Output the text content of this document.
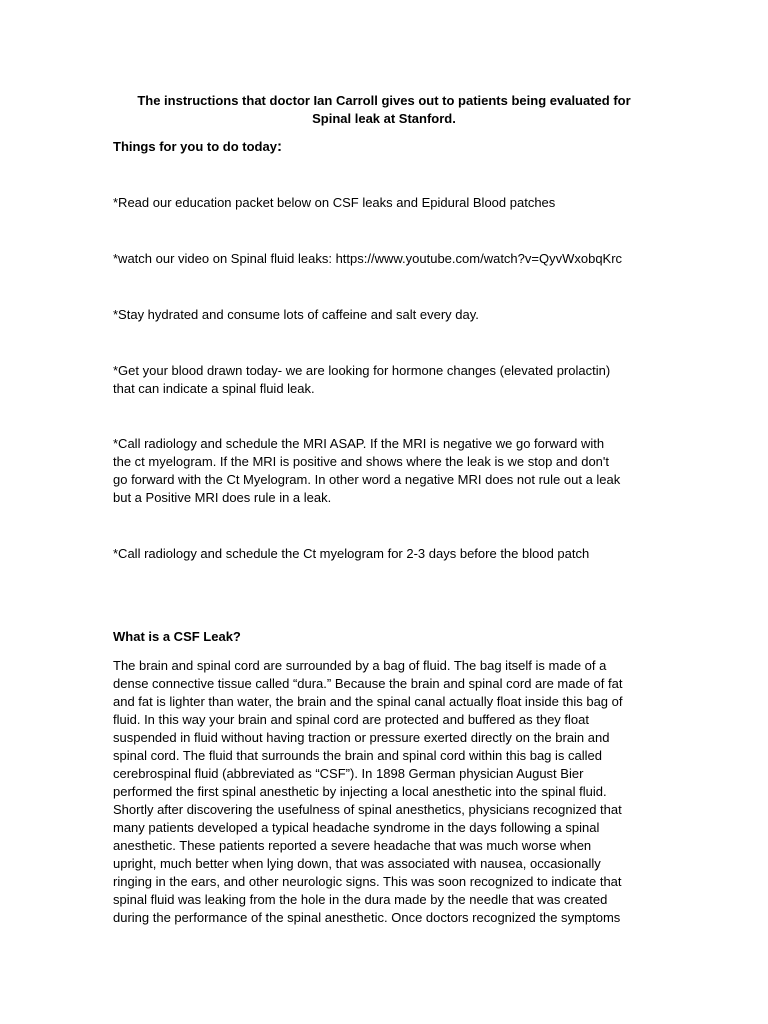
The instructions that doctor Ian Carroll gives out to patients being evaluated for
Spinal leak at Stanford.
Things for you to do today:
*Read our education packet below on CSF leaks and Epidural Blood patches
*watch our video on Spinal fluid leaks: https://www.youtube.com/watch?v=QyvWxobqKrc
*Stay hydrated and consume lots of caffeine and salt every day.
*Get your blood drawn today- we are looking for hormone changes (elevated prolactin)
that can indicate a spinal fluid leak.
*Call radiology and schedule the MRI ASAP. If the MRI is negative we go forward with
the ct myelogram. If the MRI is positive and shows where the leak is we stop and don't
go forward with the Ct Myelogram. In other word a negative MRI does not rule out a leak
but a Positive MRI does rule in a leak.
*Call radiology and schedule the Ct myelogram for 2-3 days before the blood patch
What is a CSF Leak?
The brain and spinal cord are surrounded by a bag of fluid. The bag itself is made of a
dense connective tissue called “dura.” Because the brain and spinal cord are made of fat
and fat is lighter than water, the brain and the spinal canal actually float inside this bag of
fluid. In this way your brain and spinal cord are protected and buffered as they float
suspended in fluid without having traction or pressure exerted directly on the brain and
spinal cord. The fluid that surrounds the brain and spinal cord within this bag is called
cerebrospinal fluid (abbreviated as “CSF”). In 1898 German physician August Bier
performed the first spinal anesthetic by injecting a local anesthetic into the spinal fluid.
Shortly after discovering the usefulness of spinal anesthetics, physicians recognized that
many patients developed a typical headache syndrome in the days following a spinal
anesthetic. These patients reported a severe headache that was much worse when
upright, much better when lying down, that was associated with nausea, occasionally
ringing in the ears, and other neurologic signs. This was soon recognized to indicate that
spinal fluid was leaking from the hole in the dura made by the needle that was created
during the performance of the spinal anesthetic. Once doctors recognized the symptoms
